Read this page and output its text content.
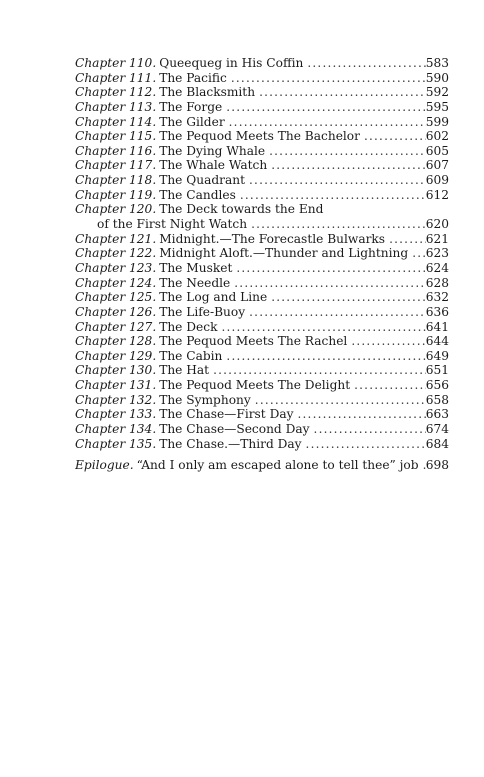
Chapter 110. Queequeg in His Coffin . . .	583
Chapter 111. The Pacific . . .	590
Chapter 112. The Blacksmith . . .	592
Chapter 113. The Forge . . .	595
Chapter 114. The Gilder . . .	599
Chapter 115. The Pequod Meets The Bachelor . . .	602
Chapter 116. The Dying Whale . . .	605
Chapter 117. The Whale Watch . . .	607
Chapter 118. The Quadrant . . .	609
Chapter 119. The Candles . . .	612
Chapter 120. The Deck towards the End
of the First Night Watch . . .	620
Chapter 121. Midnight.—The Forecastle Bulwarks . . .	621
Chapter 122. Midnight Aloft.—Thunder and Lightning . . . 623
Chapter 123. The Musket . . .	624
Chapter 124. The Needle . . .	628
Chapter 125. The Log and Line . . .	632
Chapter 126. The Life-Buoy . . .	636
Chapter 127. The Deck . . .	641
Chapter 128. The Pequod Meets The Rachel . . .	644
Chapter 129. The Cabin . . .	649
Chapter 130. The Hat . . .	651
Chapter 131. The Pequod Meets The Delight . . .	656
Chapter 132. The Symphony . . .	658
Chapter 133. The Chase—First Day . . .	663
Chapter 134. The Chase—Second Day . . .	674
Chapter 135. The Chase.—Third Day . . .	684
Epilogue. “And I only am escaped alone to tell thee” job . . . 698
